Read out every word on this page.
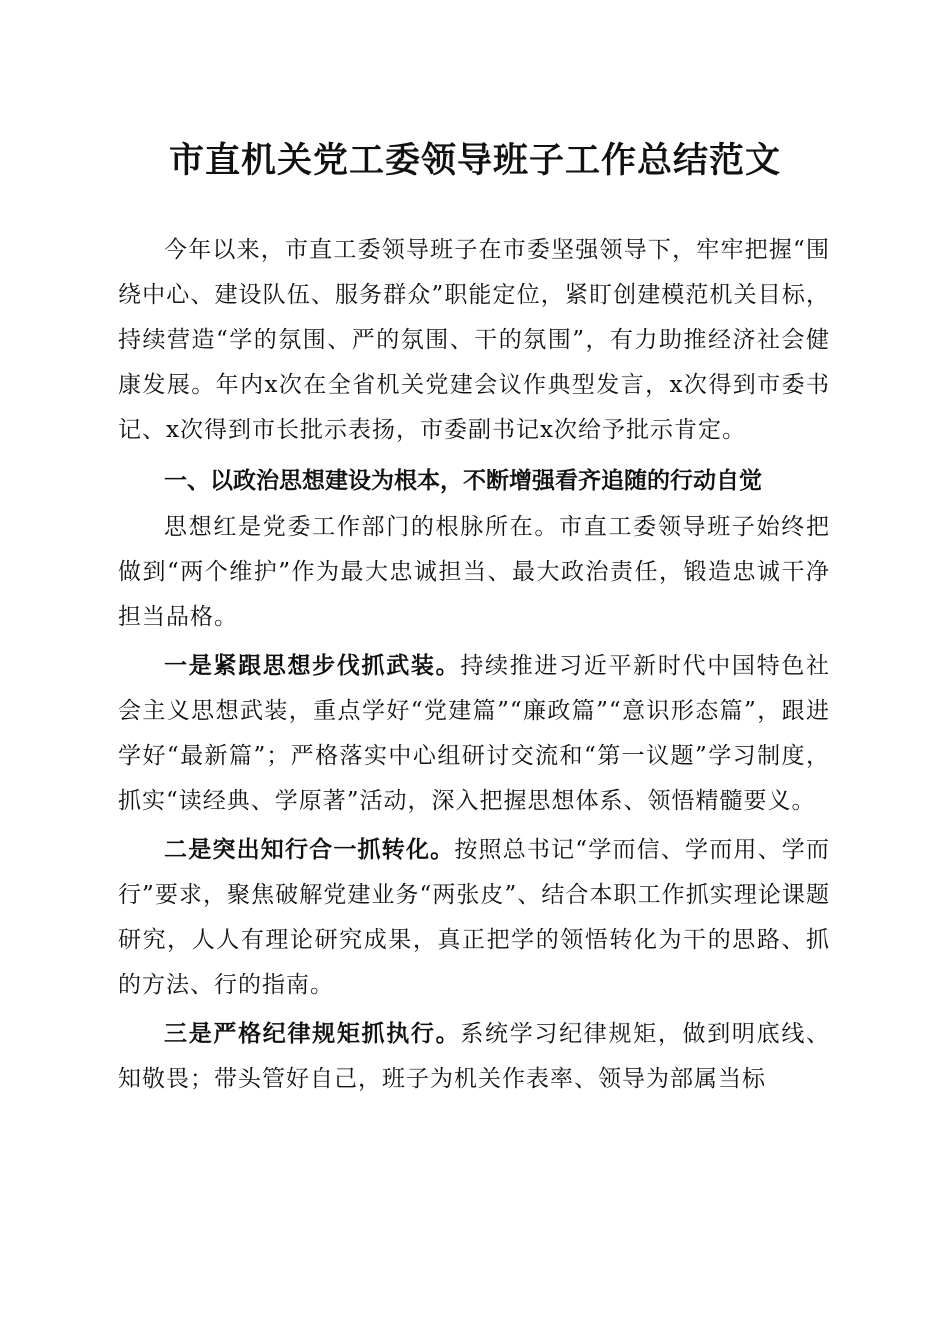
市直机关党工委领导班子工作总结范文

今年以来，市直工委领导班子在市委坚强领导下，牢牢把握“围绕中心、建设队伍、服务群众”职能定位，紧盯创建模范机关目标，持续营造“学的氛围、严的氛围、干的氛围”，有力助推经济社会健康发展。年内x次在全省机关党建会议作典型发言，x次得到市委书记、x次得到市长批示表扬，市委副书记x次给予批示肯定。

一、以政治思想建设为根本，不断增强看齐追随的行动自觉

思想红是党委工作部门的根脉所在。市直工委领导班子始终把做到“两个维护”作为最大忠诚担当、最大政治责任，锻造忠诚干净担当品格。

一是紧跟思想步伐抓武装。持续推进习近平新时代中国特色社会主义思想武装，重点学好“党建篇”“廉政篇”“意识形态篇”，跟进学好“最新篇”；严格落实中心组研讨交流和“第一议题”学习制度，抓实“读经典、学原著”活动，深入把握思想体系、领悟精髓要义。

二是突出知行合一抓转化。按照总书记“学而信、学而用、学而行”要求，聚焦破解党建业务“两张皮”、结合本职工作抓实理论课题研究，人人有理论研究成果，真正把学的领悟转化为干的思路、抓的方法、行的指南。

三是严格纪律规矩抓执行。系统学习纪律规矩，做到明底线、知敬畏；带头管好自己，班子为机关作表率、领导为部属当标
